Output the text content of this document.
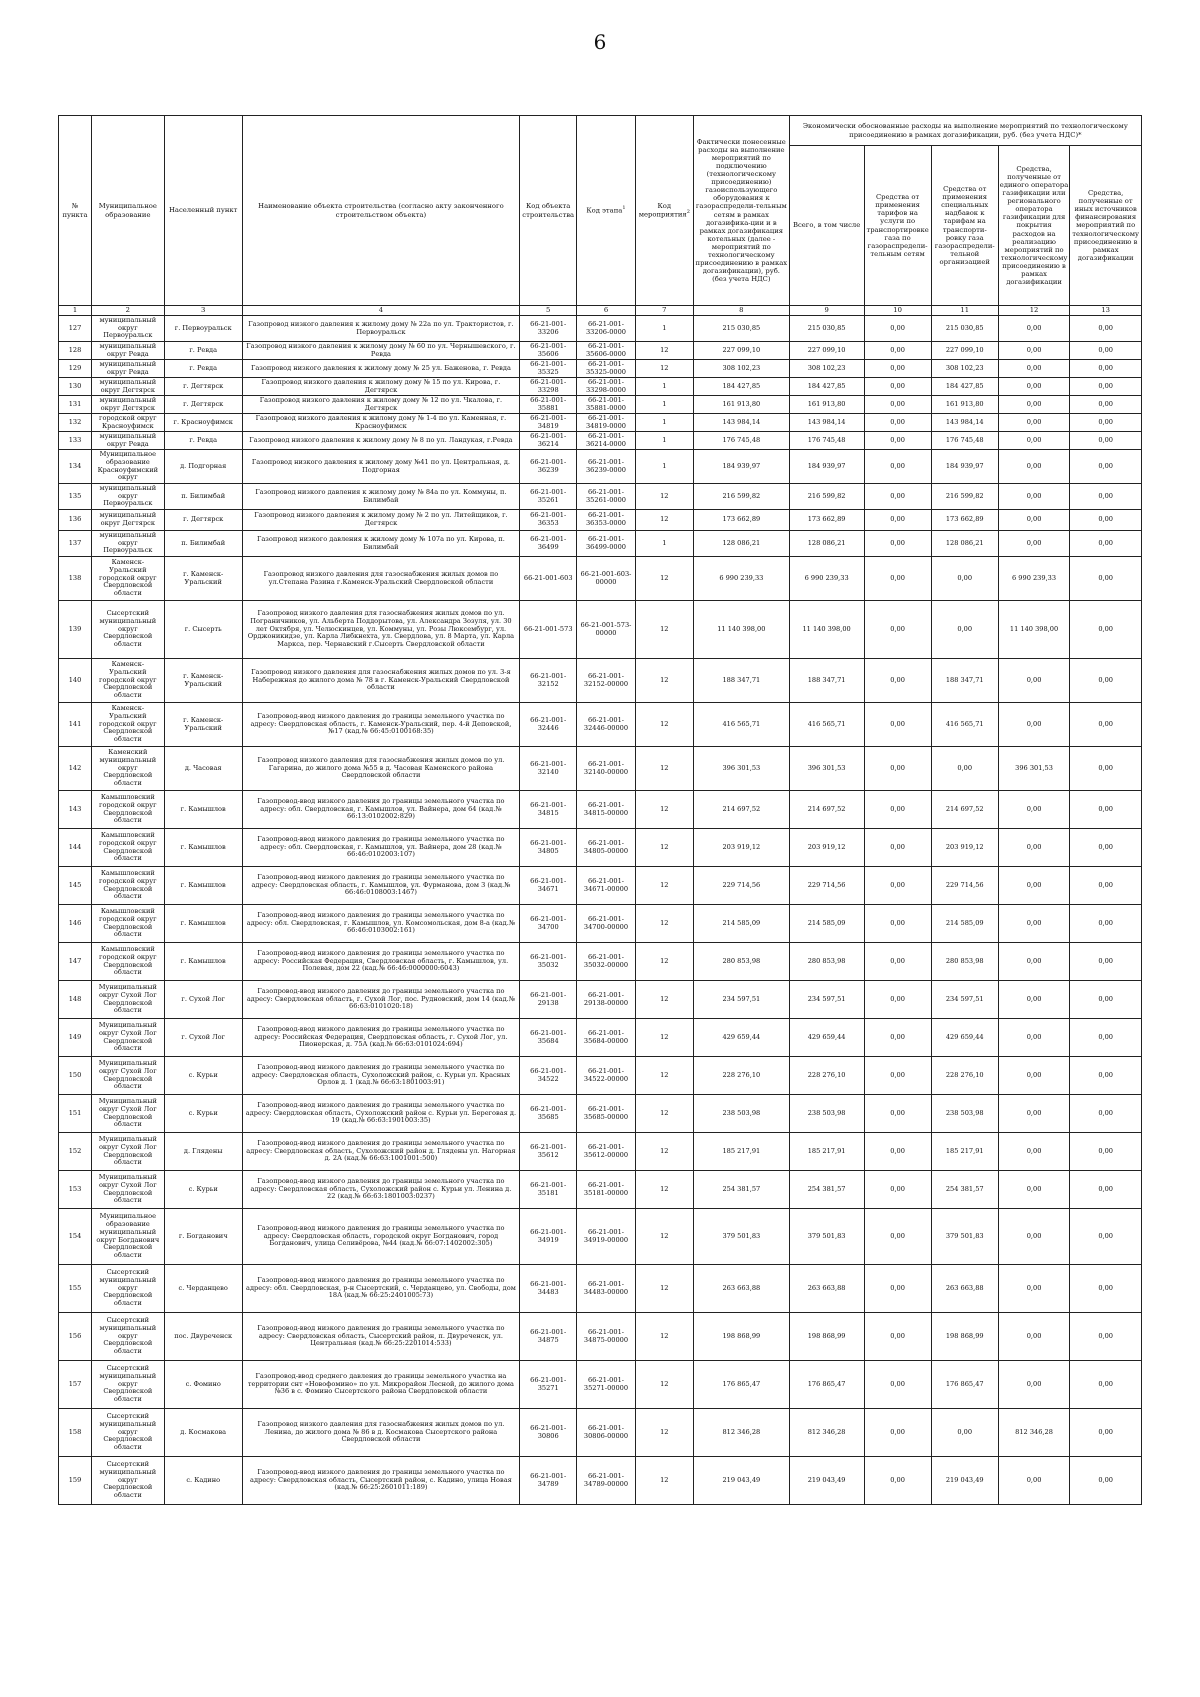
6
№ пункта	Муниципальное образование	Населенный пункт	Наименование объекта строительства (согласно акту законченного строительством объекта)	Код объекта строительства	Код этапа$^1$	Код мероприятия$^2$	Фактически понесенные расходы на выполнение мероприятий по подключению (технологическому присоединению) газоиспользующего оборудования к газораспредели-тельным сетям в рамках догазифика-ции и в рамках догазификация котельных (далее - мероприятий по технологическому присоединению в рамках догазификации), руб. (без учета НДС)	Экономически обоснованные расходы на выполнение мероприятий по технологическому присоединению в рамках догазификации, руб. (без учета НДС)*				
								Всего, в том числе	Средства от применения тарифов на услуги по транспортировке газа по газораспредели-тельным сетям	Средства от применения специальных надбавок к тарифам на транспорти-ровку газа газораспредели-тельной организацией	Средства, полученные от единого оператора газификации или регионального оператора газификации для покрытия расходов на реализацию мероприятий по технологическому присоединению в рамках догазификации	Средства, полученные от иных источников финансирования мероприятий по технологическому присоединению в рамках догазификации
1	2	3	4	5	6	7	8	9	10	11	12	13
127	муниципальный округ Первоуральск	г. Первоуральск	Газопровод низкого давления к жилому дому № 22а по ул. Трактористов, г. Первоуральск	66-21-001-33206	66-21-001-33206-0000	1	215 030,85	215 030,85	0,00	215 030,85	0,00	0,00
128	муниципальный округ Ревда	г. Ревда	Газопровод низкого давления к жилому дому № 60 по ул. Чернышевского, г. Ревда	66-21-001-35606	66-21-001-35606-0000	12	227 099,10	227 099,10	0,00	227 099,10	0,00	0,00
129	муниципальный округ Ревда	г. Ревда	Газопровод низкого давления к жилому дому № 25 ул. Баженова, г. Ревда	66-21-001-35325	66-21-001-35325-0000	12	308 102,23	308 102,23	0,00	308 102,23	0,00	0,00
130	муниципальный округ Дегтярск	г. Дегтярск	Газопровод низкого давления к жилому дому № 15 по ул. Кирова, г. Дегтярск	66-21-001-33298	66-21-001-33298-0000	1	184 427,85	184 427,85	0,00	184 427,85	0,00	0,00
131	муниципальный округ Дегтярск	г. Дегтярск	Газопровод низкого давления к жилому дому № 12 по ул. Чкалова, г. Дегтярск	66-21-001-35881	66-21-001-35881-0000	1	161 913,80	161 913,80	0,00	161 913,80	0,00	0,00
132	городской округ Красноуфимск	г. Красноуфимск	Газопровод низкого давления к жилому дому № 1-4 по ул. Каменная, г. Красноуфимск	66-21-001-34819	66-21-001-34819-0000	1	143 984,14	143 984,14	0,00	143 984,14	0,00	0,00
133	муниципальный округ Ревда	г. Ревда	Газопровод низкого давления к жилому дому № 8 по ул. Ландукая, г.Ревда	66-21-001-36214	66-21-001-36214-0000	1	176 745,48	176 745,48	0,00	176 745,48	0,00	0,00
134	Муниципальное образование Красноуфимский округ	д. Подгорная	Газопровод низкого давления к жилому дому №41 по ул. Центральная, д. Подгорная	66-21-001-36239	66-21-001-36239-0000	1	184 939,97	184 939,97	0,00	184 939,97	0,00	0,00
135	муниципальный округ Первоуральск	п. Билимбай	Газопровод низкого давления к жилому дому № 84а по ул. Коммуны, п. Билимбай	66-21-001-35261	66-21-001-35261-0000	12	216 599,82	216 599,82	0,00	216 599,82	0,00	0,00
136	муниципальный округ Дегтярск	г. Дегтярск	Газопровод низкого давления к жилому дому № 2 по ул. Литейщиков, г. Дегтярск	66-21-001-36353	66-21-001-36353-0000	12	173 662,89	173 662,89	0,00	173 662,89	0,00	0,00
137	муниципальный округ Первоуральск	п. Билимбай	Газопровод низкого давления к жилому дому № 107а по ул. Кирова, п. Билимбай	66-21-001-36499	66-21-001-36499-0000	1	128 086,21	128 086,21	0,00	128 086,21	0,00	0,00
138	Каменск-Уральский городской округ Свердловской области	г. Каменск-Уральский	Газопровод низкого давления для газоснабжения жилых домов по ул.Степана Разина г.Каменск-Уральский Свердловской области	66-21-001-603	66-21-001-603-00000	12	6 990 239,33	6 990 239,33	0,00	0,00	6 990 239,33	0,00
139	Сысертский муниципальный округ Свердловской области	г. Сысерть	Газопровод низкого давления для газоснабжения жилых домов по ул. Пограничников, ул. Альберта Поддорытова, ул. Александра Зозуля, ул. 30 лет Октября, ул. Челюскинцев, ул. Коммуны, ул. Розы Люксембург, ул. Орджоникидзе, ул. Карла Либкнехта, ул. Свердлова, ул. 8 Марта, ул. Карла Маркса, пер. Чернавский г.Сысерть Свердловской области	66-21-001-573	66-21-001-573-00000	12	11 140 398,00	11 140 398,00	0,00	0,00	11 140 398,00	0,00
140	Каменск-Уральский городской округ Свердловской области	г. Каменск-Уральский	Газопровод низкого давления для газоснабжения жилых домов по ул. 3-я Набережная до жилого дома № 78 в г. Каменск-Уральский Свердловской области	66-21-001-32152	66-21-001-32152-00000	12	188 347,71	188 347,71	0,00	188 347,71	0,00	0,00
141	Каменск-Уральский городской округ Свердловской области	г. Каменск-Уральский	Газопровод-ввод низкого давления до границы земельного участка по адресу: Свердловская область, г. Каменск-Уральский, пер. 4-й Деповской, №17 (кад.№ 66:45:0100168:35)	66-21-001-32446	66-21-001-32446-00000	12	416 565,71	416 565,71	0,00	416 565,71	0,00	0,00
142	Каменский муниципальный округ Свердловской области	д. Часовая	Газопровод низкого давления для газоснабжения жилых домов по ул. Гагарина, до жилого дома №55 в д. Часовая Каменского района Свердловской области	66-21-001-32140	66-21-001-32140-00000	12	396 301,53	396 301,53	0,00	0,00	396 301,53	0,00
143	Камышловский городской округ Свердловской области	г. Камышлов	Газопровод-ввод низкого давления до границы земельного участка по адресу: обл. Свердловская, г. Камышлов, ул. Вайнера, дом 64 (кад.№ 66:13:0102002:829)	66-21-001-34815	66-21-001-34815-00000	12	214 697,52	214 697,52	0,00	214 697,52	0,00	0,00
144	Камышловский городской округ Свердловской области	г. Камышлов	Газопровод-ввод низкого давления до границы земельного участка по адресу: обл. Свердловская, г. Камышлов, ул. Вайнера, дом 28 (кад.№ 66:46:0102003:107)	66-21-001-34805	66-21-001-34805-00000	12	203 919,12	203 919,12	0,00	203 919,12	0,00	0,00
145	Камышловский городской округ Свердловской области	г. Камышлов	Газопровод-ввод низкого давления до границы земельного участка по адресу: Свердловская область, г. Камышлов, ул. Фурманова, дом 3 (кад.№ 66:46:0108003:1467)	66-21-001-34671	66-21-001-34671-00000	12	229 714,56	229 714,56	0,00	229 714,56	0,00	0,00
146	Камышловский городской округ Свердловской области	г. Камышлов	Газопровод-ввод низкого давления до границы земельного участка по адресу: обл. Свердловская, г. Камышлов, ул. Комсомольская, дом 8-а (кад.№ 66:46:0103002:161)	66-21-001-34700	66-21-001-34700-00000	12	214 585,09	214 585,09	0,00	214 585,09	0,00	0,00
147	Камышловский городской округ Свердловской области	г. Камышлов	Газопровод-ввод низкого давления до границы земельного участка по адресу: Российская Федерация, Свердловская область, г. Камышлов, ул. Полевая, дом 22 (кад.№ 66:46:0000000:6043)	66-21-001-35032	66-21-001-35032-00000	12	280 853,98	280 853,98	0,00	280 853,98	0,00	0,00
148	Муниципальный округ Сухой Лог Свердловской области	г. Сухой Лог	Газопровод-ввод низкого давления до границы земельного участка по адресу: Свердловская область, г. Сухой Лог, пос. Рудновский, дом 14 (кад.№ 66:63:0101020:18)	66-21-001-29138	66-21-001-29138-00000	12	234 597,51	234 597,51	0,00	234 597,51	0,00	0,00
149	Муниципальный округ Сухой Лог Свердловской области	г. Сухой Лог	Газопровод-ввод низкого давления до границы земельного участка по адресу: Российская Федерация, Свердловская область, г. Сухой Лог, ул. Пионерская, д. 75А (кад.№ 66:63:0101024:694)	66-21-001-35684	66-21-001-35684-00000	12	429 659,44	429 659,44	0,00	429 659,44	0,00	0,00
150	Муниципальный округ Сухой Лог Свердловской области	с. Курьи	Газопровод-ввод низкого давления до границы земельного участка по адресу: Свердловская область, Сухоложский район, с. Курьи ул. Красных Орлов д. 1 (кад.№ 66:63:1801003:91)	66-21-001-34522	66-21-001-34522-00000	12	228 276,10	228 276,10	0,00	228 276,10	0,00	0,00
151	Муниципальный округ Сухой Лог Свердловской области	с. Курьи	Газопровод-ввод низкого давления до границы земельного участка по адресу: Свердловская область, Сухоложский район с. Курьи ул. Береговая д. 19 (кад.№ 66:63:1901003:35)	66-21-001-35685	66-21-001-35685-00000	12	238 503,98	238 503,98	0,00	238 503,98	0,00	0,00
152	Муниципальный округ Сухой Лог Свердловской области	д. Глядены	Газопровод-ввод низкого давления до границы земельного участка по адресу: Свердловская область, Сухоложский район д. Глядены ул. Нагорная д. 2А (кад.№ 66:63:1001001:500)	66-21-001-35612	66-21-001-35612-00000	12	185 217,91	185 217,91	0,00	185 217,91	0,00	0,00
153	Муниципальный округ Сухой Лог Свердловской области	с. Курьи	Газопровод-ввод низкого давления до границы земельного участка по адресу: Свердловская область, Сухоложский район с. Курьи ул. Ленина д. 22 (кад.№ 66:63:1801003:0237)	66-21-001-35181	66-21-001-35181-00000	12	254 381,57	254 381,57	0,00	254 381,57	0,00	0,00
154	Муниципальное образование муниципальный округ Богданович Свердловской области	г. Богданович	Газопровод-ввод низкого давления до границы земельного участка по адресу: Свердловская область, городской округ Богданович, город Богданович, улица Селивёрова, №44 (кад.№ 66:07:1402002:305)	66-21-001-34919	66-21-001-34919-00000	12	379 501,83	379 501,83	0,00	379 501,83	0,00	0,00
155	Сысертский муниципальный округ Свердловской области	с. Черданцево	Газопровод-ввод низкого давления до границы земельного участка по адресу: обл. Свердловская, р-н Сысертский, с. Черданцево, ул. Свободы, дом 18А (кад.№ 66:25:2401005:73)	66-21-001-34483	66-21-001-34483-00000	12	263 663,88	263 663,88	0,00	263 663,88	0,00	0,00
156	Сысертский муниципальный округ Свердловской области	пос. Двуреченск	Газопровод-ввод низкого давления до границы земельного участка по адресу: Свердловская область, Сысертский район, п. Двуреченск, ул. Центральная (кад.№ 66:25:2201014:533)	66-21-001-34875	66-21-001-34875-00000	12	198 868,99	198 868,99	0,00	198 868,99	0,00	0,00
157	Сысертский муниципальный округ Свердловской области	с. Фомино	Газопровод-ввод среднего давления до границы земельного участка на территории снт «Новофомино» по ул. Микрорайон Лесной, до жилого дома №36 в с. Фомино Сысертского района Свердловской области	66-21-001-35271	66-21-001-35271-00000	12	176 865,47	176 865,47	0,00	176 865,47	0,00	0,00
158	Сысертский муниципальный округ Свердловской области	д. Космакова	Газопровод низкого давления для газоснабжения жилых домов по ул. Ленина, до жилого дома № 86 в д. Космакова Сысертского района Свердловской области	66-21-001-30806	66-21-001-30806-00000	12	812 346,28	812 346,28	0,00	0,00	812 346,28	0,00
159	Сысертский муниципальный округ Свердловской области	с. Кадино	Газопровод-ввод низкого давления до границы земельного участка по адресу: Свердловская область, Сысертский район, с. Кадино, улица Новая (кад.№ 66:25:2601011:189)	66-21-001-34789	66-21-001-34789-00000	12	219 043,49	219 043,49	0,00	219 043,49	0,00	0,00
